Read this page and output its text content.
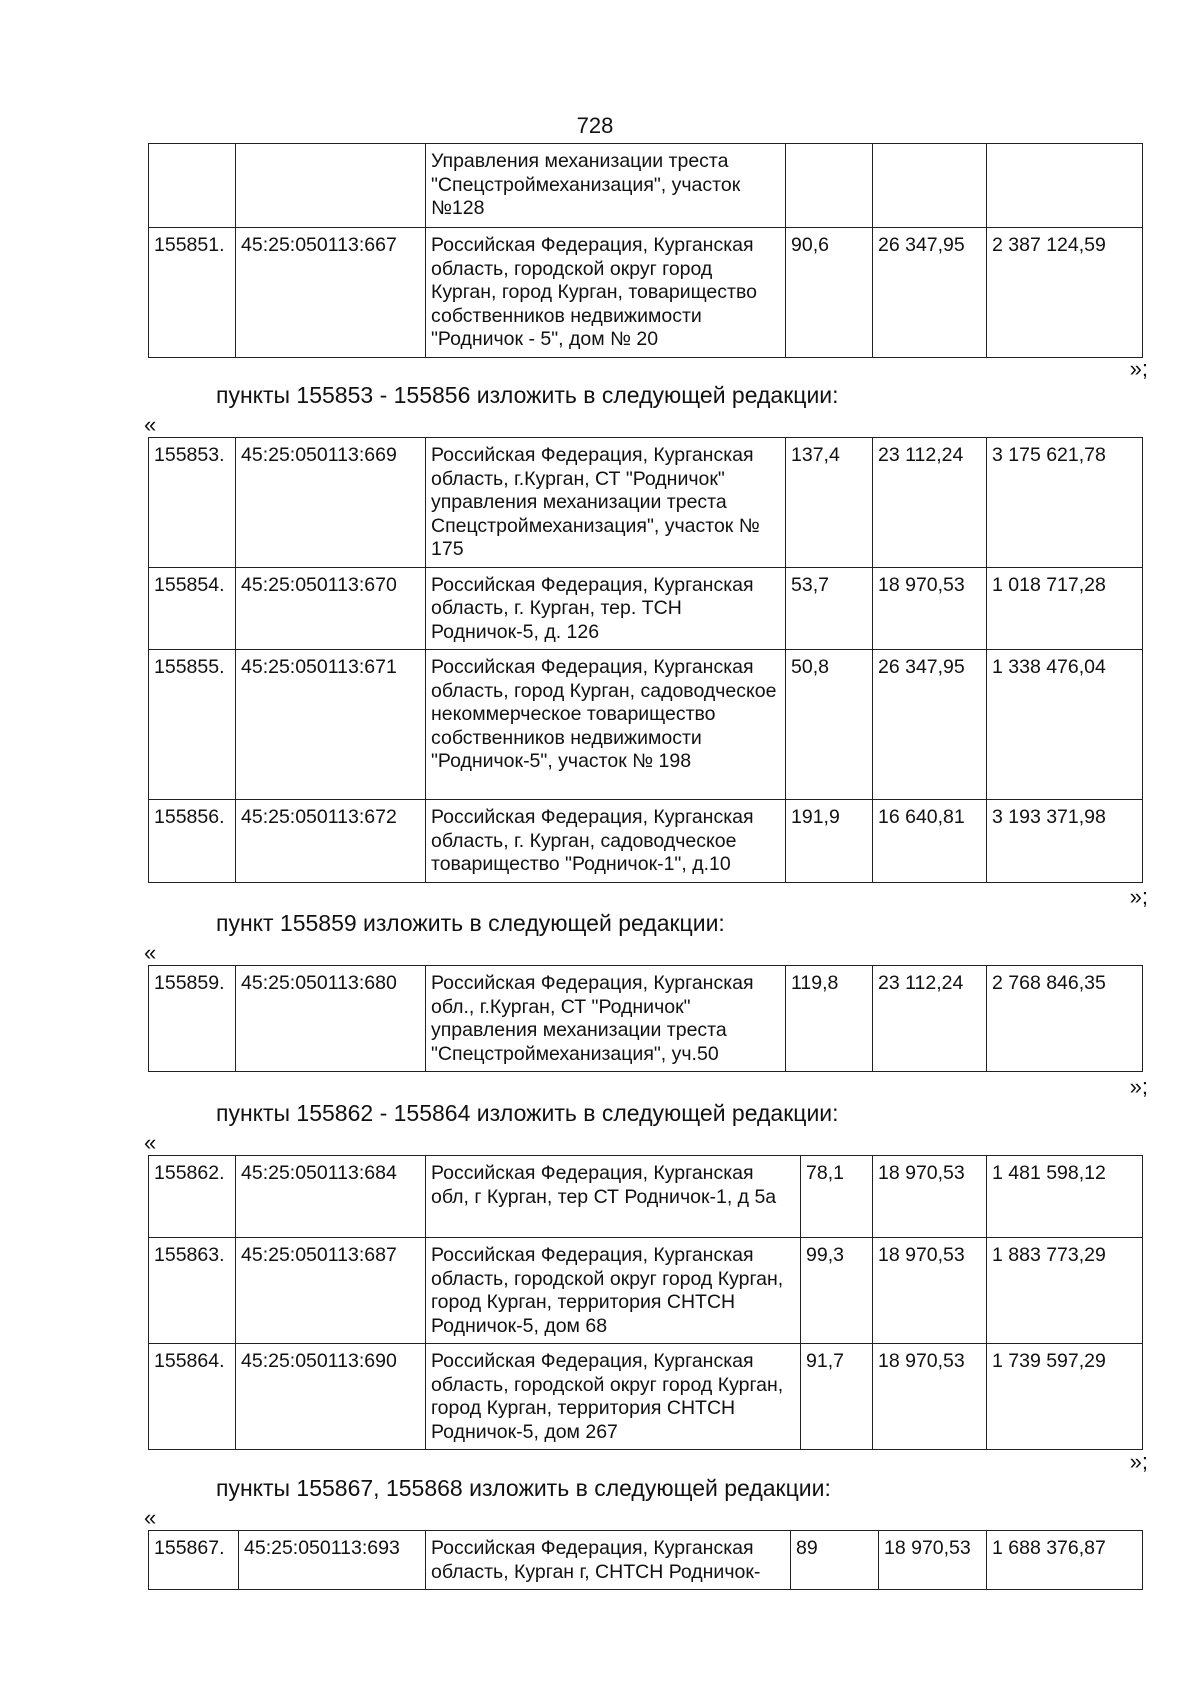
728
		Управления механизации треста "Спецстроймеханизация", участок №128			
155851.	45:25:050113:667	Российская Федерация, Курганская область, городской округ город Курган, город Курган, товарищество собственников недвижимости "Родничок - 5", дом № 20	90,6	26 347,95	2 387 124,59
»;
пункты 155853 - 155856 изложить в следующей редакции:
«
155853.	45:25:050113:669	Российская Федерация, Курганская область, г.Курган, СТ "Родничок" управления механизации треста Спецстроймеханизация", участок № 175	137,4	23 112,24	3 175 621,78
155854.	45:25:050113:670	Российская Федерация, Курганская область, г. Курган, тер. ТСН Родничок-5, д. 126	53,7	18 970,53	1 018 717,28
155855.	45:25:050113:671	Российская Федерация, Курганская область, город Курган, садоводческое некоммерческое товарищество собственников недвижимости "Родничок-5", участок № 198	50,8	26 347,95	1 338 476,04
155856.	45:25:050113:672	Российская Федерация, Курганская область, г. Курган, садоводческое товарищество "Родничок-1", д.10	191,9	16 640,81	3 193 371,98
»;
пункт 155859 изложить в следующей редакции:
«
155859.	45:25:050113:680	Российская Федерация, Курганская обл., г.Курган, СТ "Родничок" управления механизации треста "Спецстроймеханизация", уч.50	119,8	23 112,24	2 768 846,35
»;
пункты 155862 - 155864 изложить в следующей редакции:
«
155862.	45:25:050113:684	Российская Федерация, Курганская обл, г Курган, тер СТ Родничок-1, д 5а	78,1	18 970,53	1 481 598,12
155863.	45:25:050113:687	Российская Федерация, Курганская область, городской округ город Курган, город Курган, территория СНТСН Родничок-5, дом 68	99,3	18 970,53	1 883 773,29
155864.	45:25:050113:690	Российская Федерация, Курганская область, городской округ город Курган, город Курган, территория СНТСН Родничок-5, дом 267	91,7	18 970,53	1 739 597,29
»;
пункты 155867, 155868 изложить в следующей редакции:
«
155867.	45:25:050113:693	Российская Федерация, Курганская область, Курган г, СНТСН Родничок-	89	18 970,53	1 688 376,87
